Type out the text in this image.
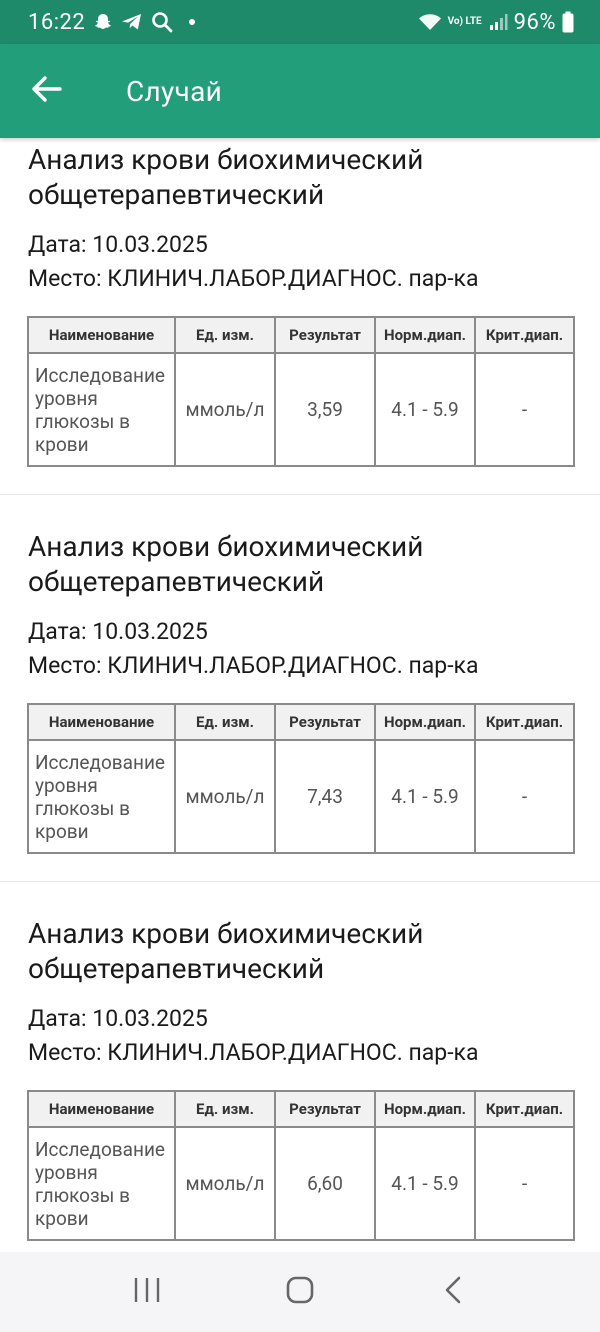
16:22	Vo) LTE 96%
Случай
Анализ крови биохимический общетерапевтический
Дата: 10.03.2025
Место: КЛИНИЧ.ЛАБОР.ДИАГНОС. пар-ка
Наименование	Ед. изм.	Результат	Норм.диап.	Крит.диап.
Исследование уровня глюкозы в крови	ммоль/л	3,59	4.1 - 5.9	-
Анализ крови биохимический общетерапевтический
Дата: 10.03.2025
Место: КЛИНИЧ.ЛАБОР.ДИАГНОС. пар-ка
Наименование	Ед. изм.	Результат	Норм.диап.	Крит.диап.
Исследование уровня глюкозы в крови	ммоль/л	7,43	4.1 - 5.9	-
Анализ крови биохимический общетерапевтический
Дата: 10.03.2025
Место: КЛИНИЧ.ЛАБОР.ДИАГНОС. пар-ка
Наименование	Ед. изм.	Результат	Норм.диап.	Крит.диап.
Исследование уровня глюкозы в крови	ммоль/л	6,60	4.1 - 5.9	-
